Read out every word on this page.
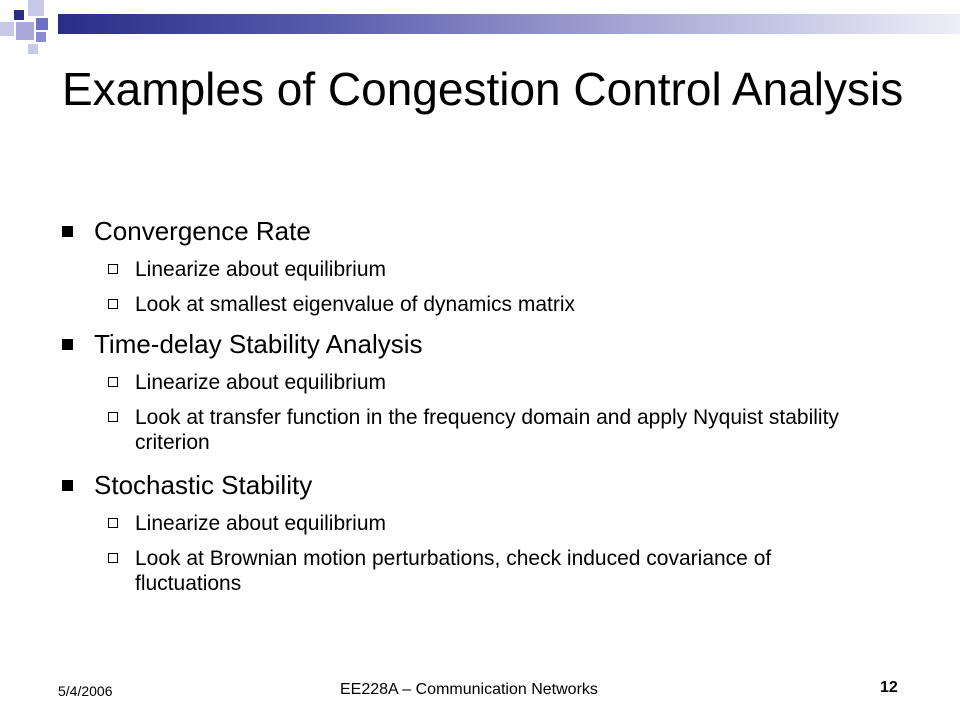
Examples of Congestion Control Analysis
Convergence Rate
Linearize about equilibrium
Look at smallest eigenvalue of dynamics matrix
Time-delay Stability Analysis
Linearize about equilibrium
Look at transfer function in the frequency domain and apply Nyquist stability criterion
Stochastic Stability
Linearize about equilibrium
Look at Brownian motion perturbations, check induced covariance of fluctuations
5/4/2006	EE228A – Communication Networks	12
